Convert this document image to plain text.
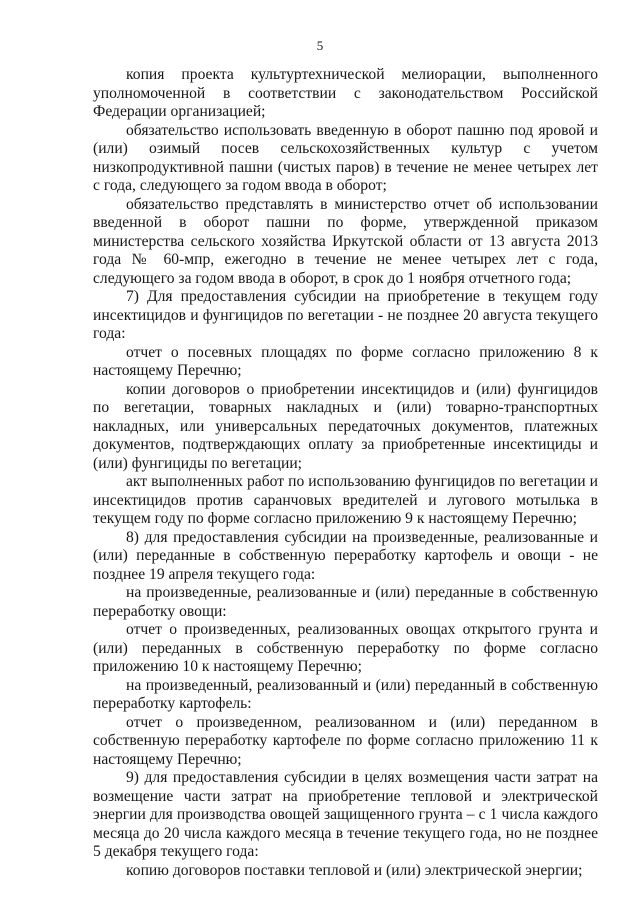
5

копия проекта культуртехнической мелиорации, выполненного уполномоченной в соответствии с законодательством Российской Федерации организацией;

обязательство использовать введенную в оборот пашню под яровой и (или) озимый посев сельскохозяйственных культур с учетом низкопродуктивной пашни (чистых паров) в течение не менее четырех лет с года, следующего за годом ввода в оборот;

обязательство представлять в министерство отчет об использовании введенной в оборот пашни по форме, утвержденной приказом министерства сельского хозяйства Иркутской области от 13 августа 2013 года № 60-мпр, ежегодно в течение не менее четырех лет с года, следующего за годом ввода в оборот, в срок до 1 ноября отчетного года;

7) Для предоставления субсидии на приобретение в текущем году инсектицидов и фунгицидов по вегетации - не позднее 20 августа текущего года:

отчет о посевных площадях по форме согласно приложению 8 к настоящему Перечню;

копии договоров о приобретении инсектицидов и (или) фунгицидов по вегетации, товарных накладных и (или) товарно-транспортных накладных, или универсальных передаточных документов, платежных документов, подтверждающих оплату за приобретенные инсектициды и (или) фунгициды по вегетации;

акт выполненных работ по использованию фунгицидов по вегетации и инсектицидов против саранчовых вредителей и лугового мотылька в текущем году по форме согласно приложению 9 к настоящему Перечню;

8) для предоставления субсидии на произведенные, реализованные и (или) переданные в собственную переработку картофель и овощи - не позднее 19 апреля текущего года:

на произведенные, реализованные и (или) переданные в собственную переработку овощи:

отчет о произведенных, реализованных овощах открытого грунта и (или) переданных в собственную переработку по форме согласно приложению 10 к настоящему Перечню;

на произведенный, реализованный и (или) переданный в собственную переработку картофель:

отчет о произведенном, реализованном и (или) переданном в собственную переработку картофеле по форме согласно приложению 11 к настоящему Перечню;

9) для предоставления субсидии в целях возмещения части затрат на возмещение части затрат на приобретение тепловой и электрической энергии для производства овощей защищенного грунта – с 1 числа каждого месяца до 20 числа каждого месяца в течение текущего года, но не позднее 5 декабря текущего года:

копию договоров поставки тепловой и (или) электрической энергии;
